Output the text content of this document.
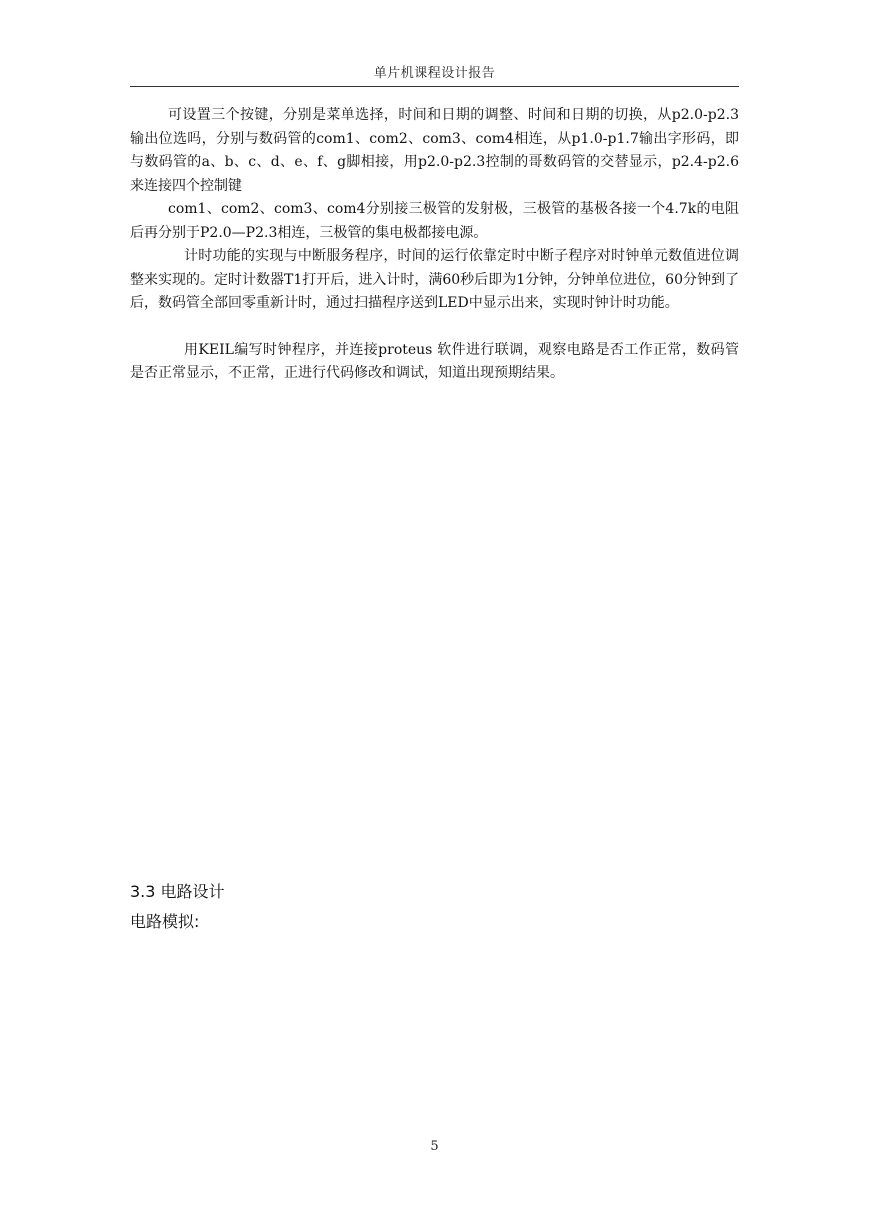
单片机课程设计报告

可设置三个按键，分别是菜单选择，时间和日期的调整、时间和日期的切换，从p2.0-p2.3输出位选吗，分别与数码管的com1、com2、com3、com4相连，从p1.0-p1.7输出字形码，即与数码管的a、b、c、d、e、f、g脚相接，用p2.0-p2.3控制的哥数码管的交替显示，p2.4-p2.6来连接四个控制键

com1、com2、com3、com4分别接三极管的发射极，三极管的基极各接一个4.7k的电阻后再分别于P2.0—P2.3相连，三极管的集电极都接电源。

计时功能的实现与中断服务程序，时间的运行依靠定时中断子程序对时钟单元数值进位调整来实现的。定时计数器T1打开后，进入计时，满60秒后即为1分钟，分钟单位进位，60分钟到了后，数码管全部回零重新计时，通过扫描程序送到LED中显示出来，实现时钟计时功能。

用KEIL编写时钟程序，并连接proteus 软件进行联调，观察电路是否工作正常，数码管是否正常显示，不正常，正进行代码修改和调试，知道出现预期结果。

3.3 电路设计
电路模拟:
5
